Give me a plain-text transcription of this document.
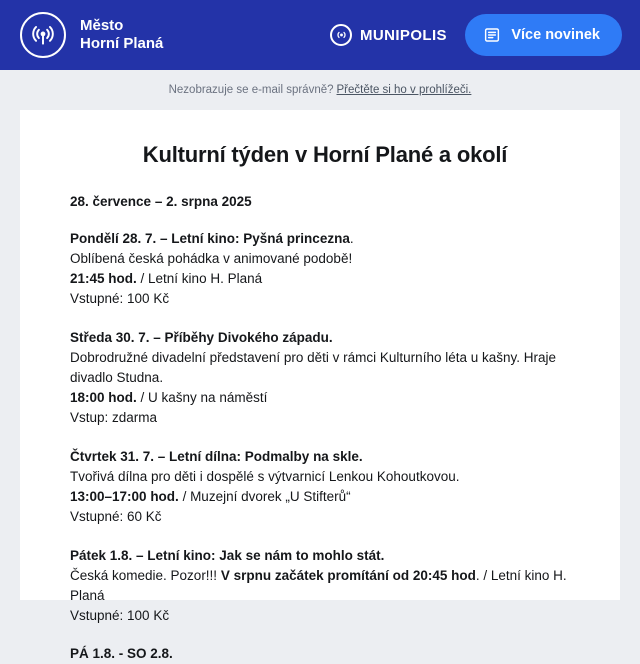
Město
Horní Planá	MUNIPOLIS	Více novinek
Nezobrazuje se e-mail správně? Přečtěte si ho v prohlížeči.
Kulturní týden v Horní Plané a okolí
28. července – 2. srpna 2025

Pondělí 28. 7. – Letní kino: Pyšná princezna.

Oblíbená česká pohádka v animované podobě!

21:45 hod. / Letní kino H. Planá

Vstupné: 100 Kč

Středa 30. 7. – Příběhy Divokého západu.

Dobrodružné divadelní představení pro děti v rámci Kulturního léta u kašny. Hraje divadlo Studna.

18:00 hod. / U kašny na náměstí

Vstup: zdarma

Čtvrtek 31. 7. – Letní dílna: Podmalby na skle.

Tvořivá dílna pro děti i dospělé s výtvarnicí Lenkou Kohoutkovou.

13:00–17:00 hod. / Muzejní dvorek „U Stifterů“

Vstupné: 60 Kč

Pátek 1.8. – Letní kino: Jak se nám to mohlo stát.

Česká komedie. Pozor!!! V srpnu začátek promítání od 20:45 hod. / Letní kino H. Planá

Vstupné: 100 Kč

PÁ 1.8. - SO 2.8.
